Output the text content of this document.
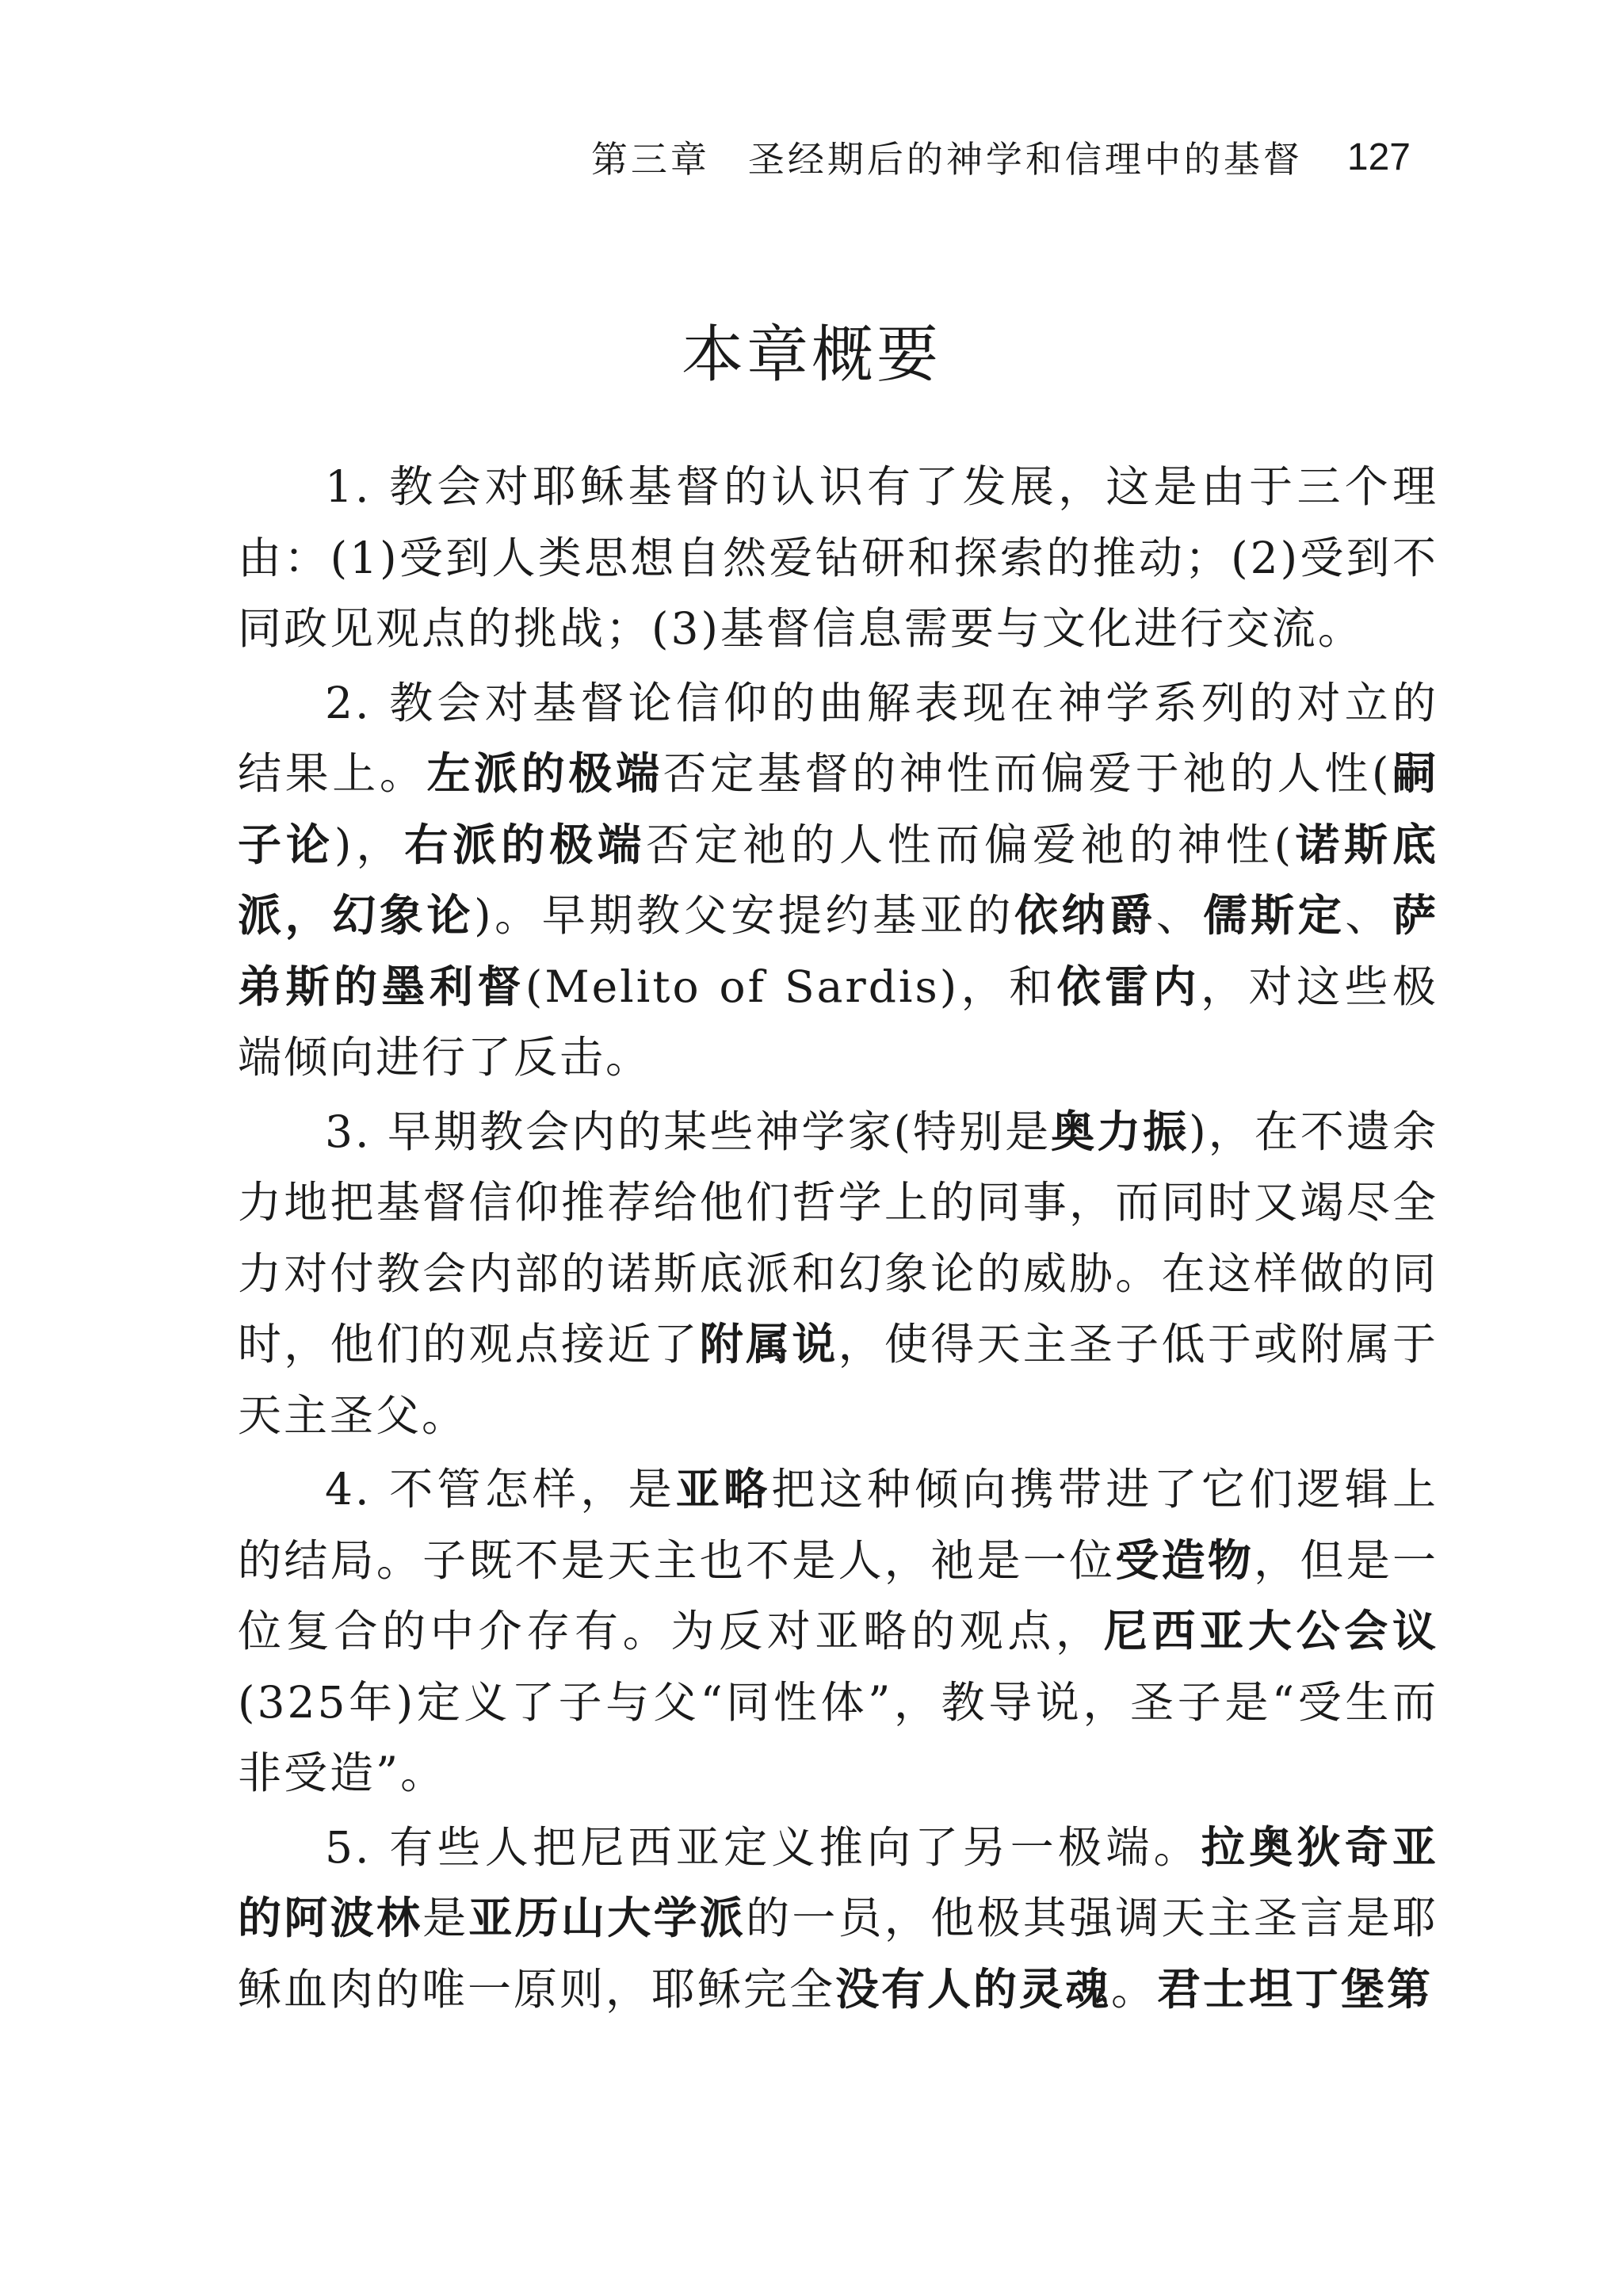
第三章 圣经期后的神学和信理中的基督 127
本章概要

1. 教会对耶稣基督的认识有了发展，这是由于三个理由：(1)受到人类思想自然爱钻研和探索的推动；(2)受到不同政见观点的挑战；(3)基督信息需要与文化进行交流。

2. 教会对基督论信仰的曲解表现在神学系列的对立的结果上。左派的极端否定基督的神性而偏爱于祂的人性(嗣子论)，右派的极端否定祂的人性而偏爱祂的神性(诺斯底派，幻象论)。早期教父安提约基亚的依纳爵、儒斯定、萨弟斯的墨利督(Melito of Sardis)，和依雷内，对这些极端倾向进行了反击。

3. 早期教会内的某些神学家(特别是奥力振)，在不遗余力地把基督信仰推荐给他们哲学上的同事，而同时又竭尽全力对付教会内部的诺斯底派和幻象论的威胁。在这样做的同时，他们的观点接近了附属说，使得天主圣子低于或附属于天主圣父。

4. 不管怎样，是亚略把这种倾向携带进了它们逻辑上的结局。子既不是天主也不是人，祂是一位受造物，但是一位复合的中介存有。为反对亚略的观点，尼西亚大公会议(325年)定义了子与父“同性体”，教导说，圣子是“受生而非受造”。

5. 有些人把尼西亚定义推向了另一极端。拉奥狄奇亚的阿波林是亚历山大学派的一员，他极其强调天主圣言是耶稣血肉的唯一原则，耶稣完全没有人的灵魂。君士坦丁堡第
